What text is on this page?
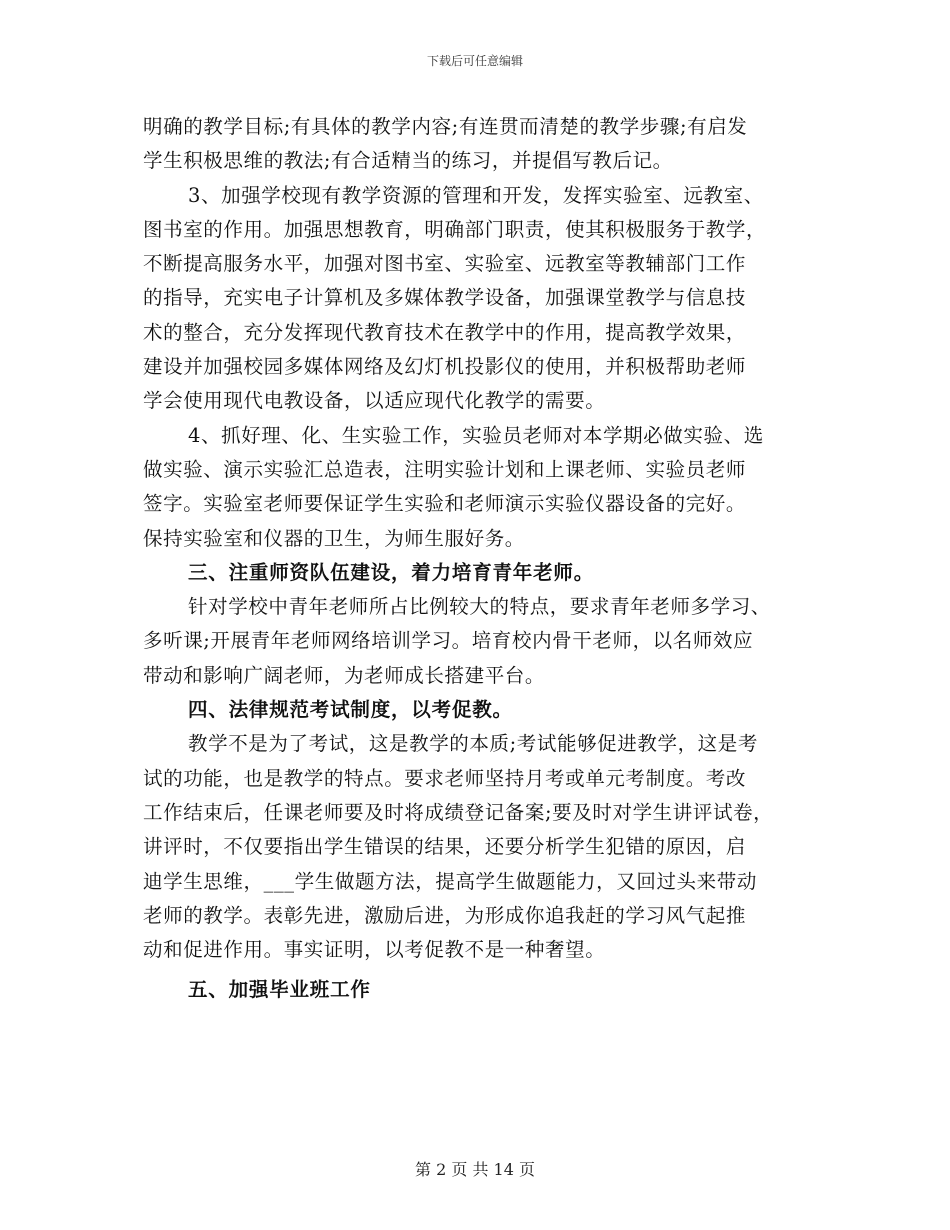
下载后可任意编辑
明确的教学目标;有具体的教学内容;有连贯而清楚的教学步骤;有启发
学生积极思维的教法;有合适精当的练习，并提倡写教后记。
3、加强学校现有教学资源的管理和开发，发挥实验室、远教室、
图书室的作用。加强思想教育，明确部门职责，使其积极服务于教学，
不断提高服务水平，加强对图书室、实验室、远教室等教辅部门工作
的指导，充实电子计算机及多媒体教学设备，加强课堂教学与信息技
术的整合，充分发挥现代教育技术在教学中的作用，提高教学效果，
建设并加强校园多媒体网络及幻灯机投影仪的使用，并积极帮助老师
学会使用现代电教设备，以适应现代化教学的需要。
4、抓好理、化、生实验工作，实验员老师对本学期必做实验、选
做实验、演示实验汇总造表，注明实验计划和上课老师、实验员老师
签字。实验室老师要保证学生实验和老师演示实验仪器设备的完好。
保持实验室和仪器的卫生，为师生服好务。
三、注重师资队伍建设，着力培育青年老师。
针对学校中青年老师所占比例较大的特点，要求青年老师多学习、
多听课;开展青年老师网络培训学习。培育校内骨干老师，以名师效应
带动和影响广阔老师，为老师成长搭建平台。
四、法律规范考试制度，以考促教。
教学不是为了考试，这是教学的本质;考试能够促进教学，这是考
试的功能，也是教学的特点。要求老师坚持月考或单元考制度。考改
工作结束后，任课老师要及时将成绩登记备案;要及时对学生讲评试卷，
讲评时，不仅要指出学生错误的结果，还要分析学生犯错的原因，启
迪学生思维，___学生做题方法，提高学生做题能力，又回过头来带动
老师的教学。表彰先进，激励后进，为形成你追我赶的学习风气起推
动和促进作用。事实证明，以考促教不是一种奢望。
五、加强毕业班工作
第 2 页 共 14 页
